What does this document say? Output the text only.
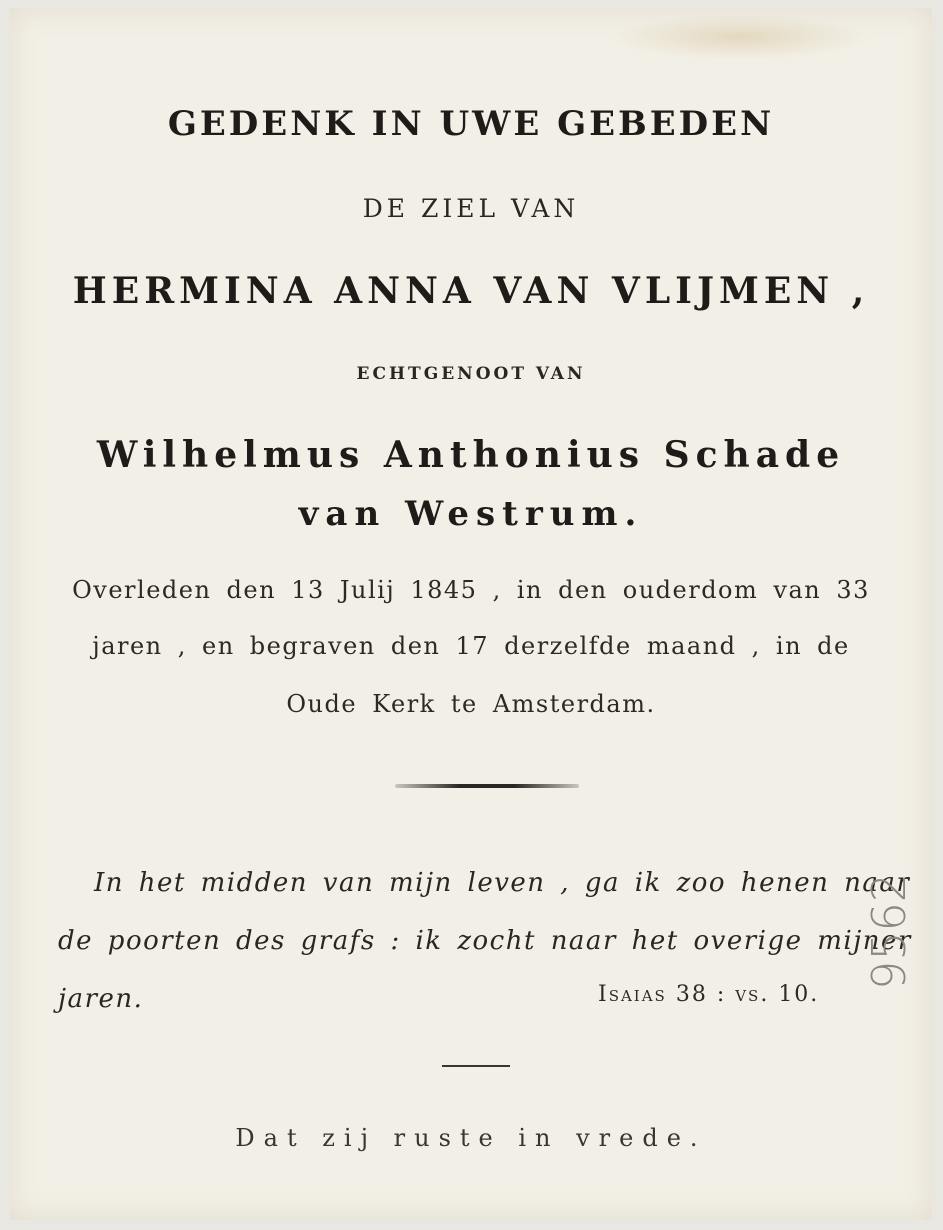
GEDENK IN UWE GEBEDEN
DE ZIEL VAN
HERMINA ANNA VAN VLIJMEN ,
ECHTGENOOT VAN
Wilhelmus Anthonius Schade
van Westrum.
Overleden den 13 Julij 1845 , in den ouderdom van 33
jaren , en begraven den 17 derzelfde maand , in de
Oude Kerk te Amsterdam.
In het midden van mijn leven , ga ik zoo henen naar
de poorten des grafs : ik zocht naar het overige mijner
jaren.	Isaias 38 : vs. 10.
Dat zij ruste in vrede.
9562
